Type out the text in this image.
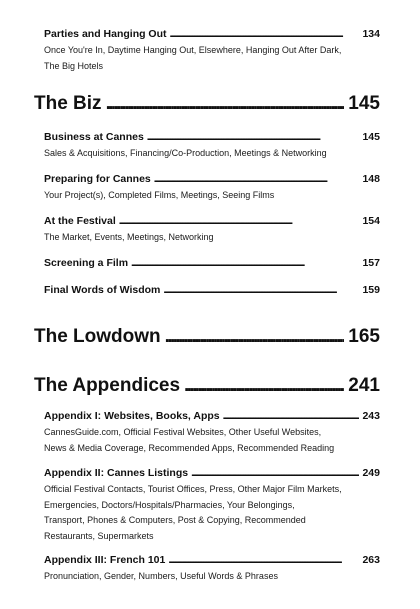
Parties and Hanging Out .....	134
Once You're In, Daytime Hanging Out, Elsewhere, Hanging Out After Dark,
The Big Hotels
The Biz .....	145
Business at Cannes .....	145
Sales & Acquisitions, Financing/Co-Production, Meetings & Networking
Preparing for Cannes .....	148
Your Project(s), Completed Films, Meetings, Seeing Films
At the Festival .....	154
The Market, Events, Meetings, Networking
Screening a Film .....	157
Final Words of Wisdom .....	159
The Lowdown .....	165
The Appendices .....	241
Appendix I: Websites, Books, Apps .....	243
CannesGuide.com, Official Festival Websites, Other Useful Websites,
News & Media Coverage, Recommended Apps, Recommended Reading
Appendix II: Cannes Listings .....	249
Official Festival Contacts, Tourist Offices, Press, Other Major Film Markets,
Emergencies, Doctors/Hospitals/Pharmacies, Your Belongings,
Transport, Phones & Computers, Post & Copying, Recommended
Restaurants, Supermarkets
Appendix III: French 101 .....	263
Pronunciation, Gender, Numbers, Useful Words & Phrases
